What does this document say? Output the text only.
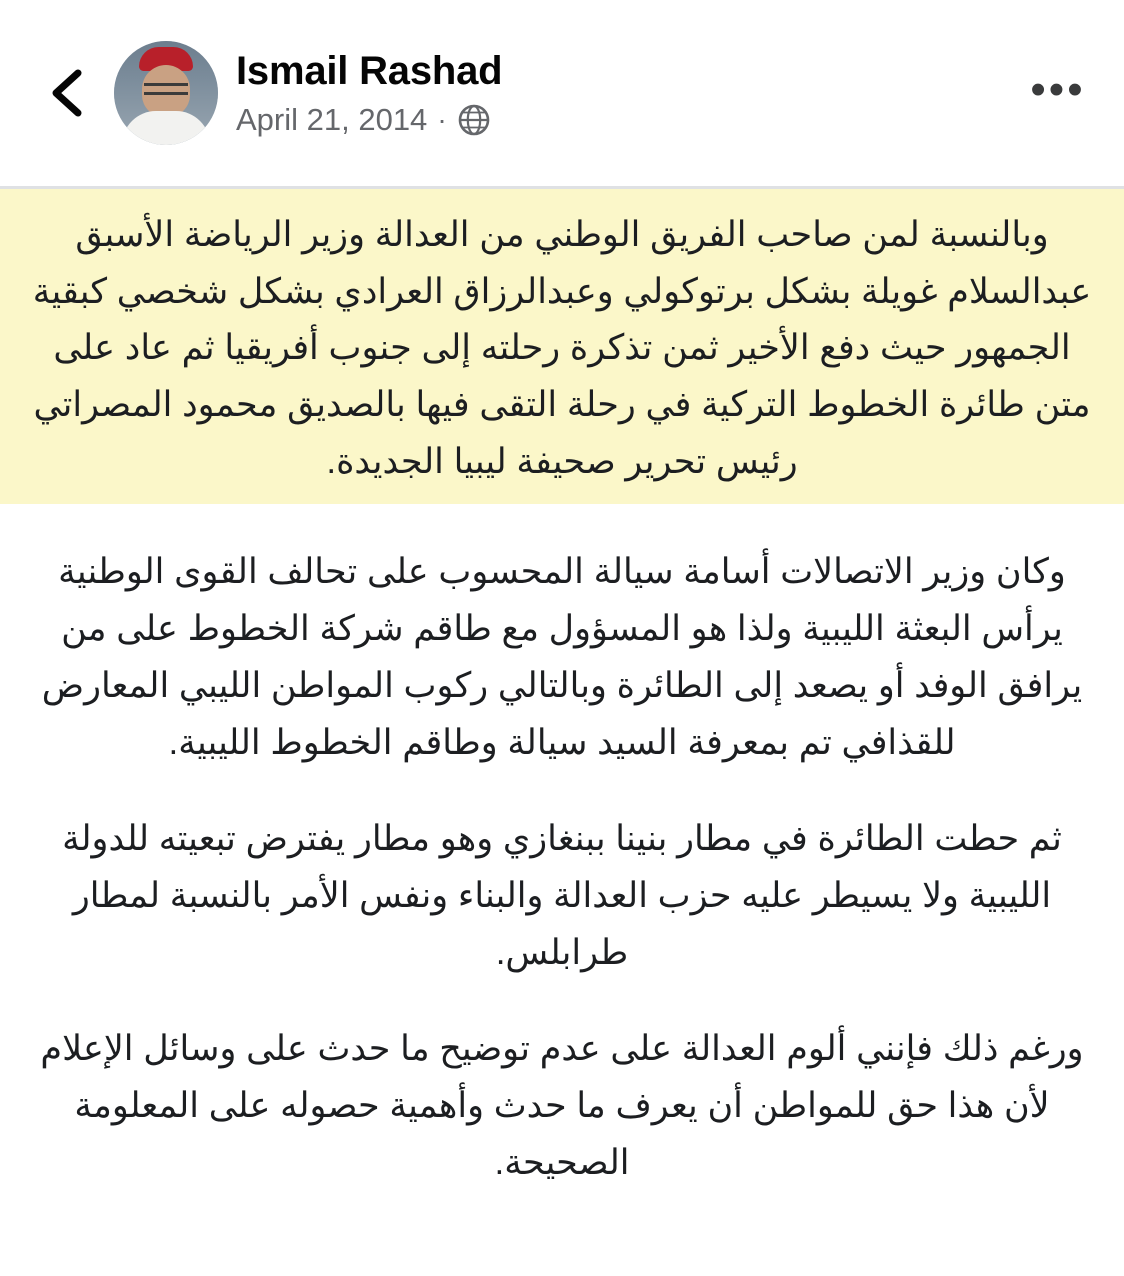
Ismail Rashad
April 21, 2014 ·
•••

وبالنسبة لمن صاحب الفريق الوطني من العدالة وزير الرياضة الأسبق عبدالسلام غويلة بشكل برتوكولي وعبدالرزاق العرادي بشكل شخصي كبقية الجمهور حيث دفع الأخير ثمن تذكرة رحلته إلى جنوب أفريقيا ثم عاد على متن طائرة الخطوط التركية في رحلة التقى فيها بالصديق محمود المصراتي رئيس تحرير صحيفة ليبيا الجديدة.

وكان وزير الاتصالات أسامة سيالة المحسوب على تحالف القوى الوطنية يرأس البعثة الليبية ولذا هو المسؤول مع طاقم شركة الخطوط على من يرافق الوفد أو يصعد إلى الطائرة وبالتالي ركوب المواطن الليبي المعارض للقذافي تم بمعرفة السيد سيالة وطاقم الخطوط الليبية.

ثم حطت الطائرة في مطار بنينا ببنغازي وهو مطار يفترض تبعيته للدولة الليبية ولا يسيطر عليه حزب العدالة والبناء ونفس الأمر بالنسبة لمطار طرابلس.

ورغم ذلك فإنني ألوم العدالة على عدم توضيح ما حدث على وسائل الإعلام لأن هذا حق للمواطن أن يعرف ما حدث وأهمية حصوله على المعلومة الصحيحة.
